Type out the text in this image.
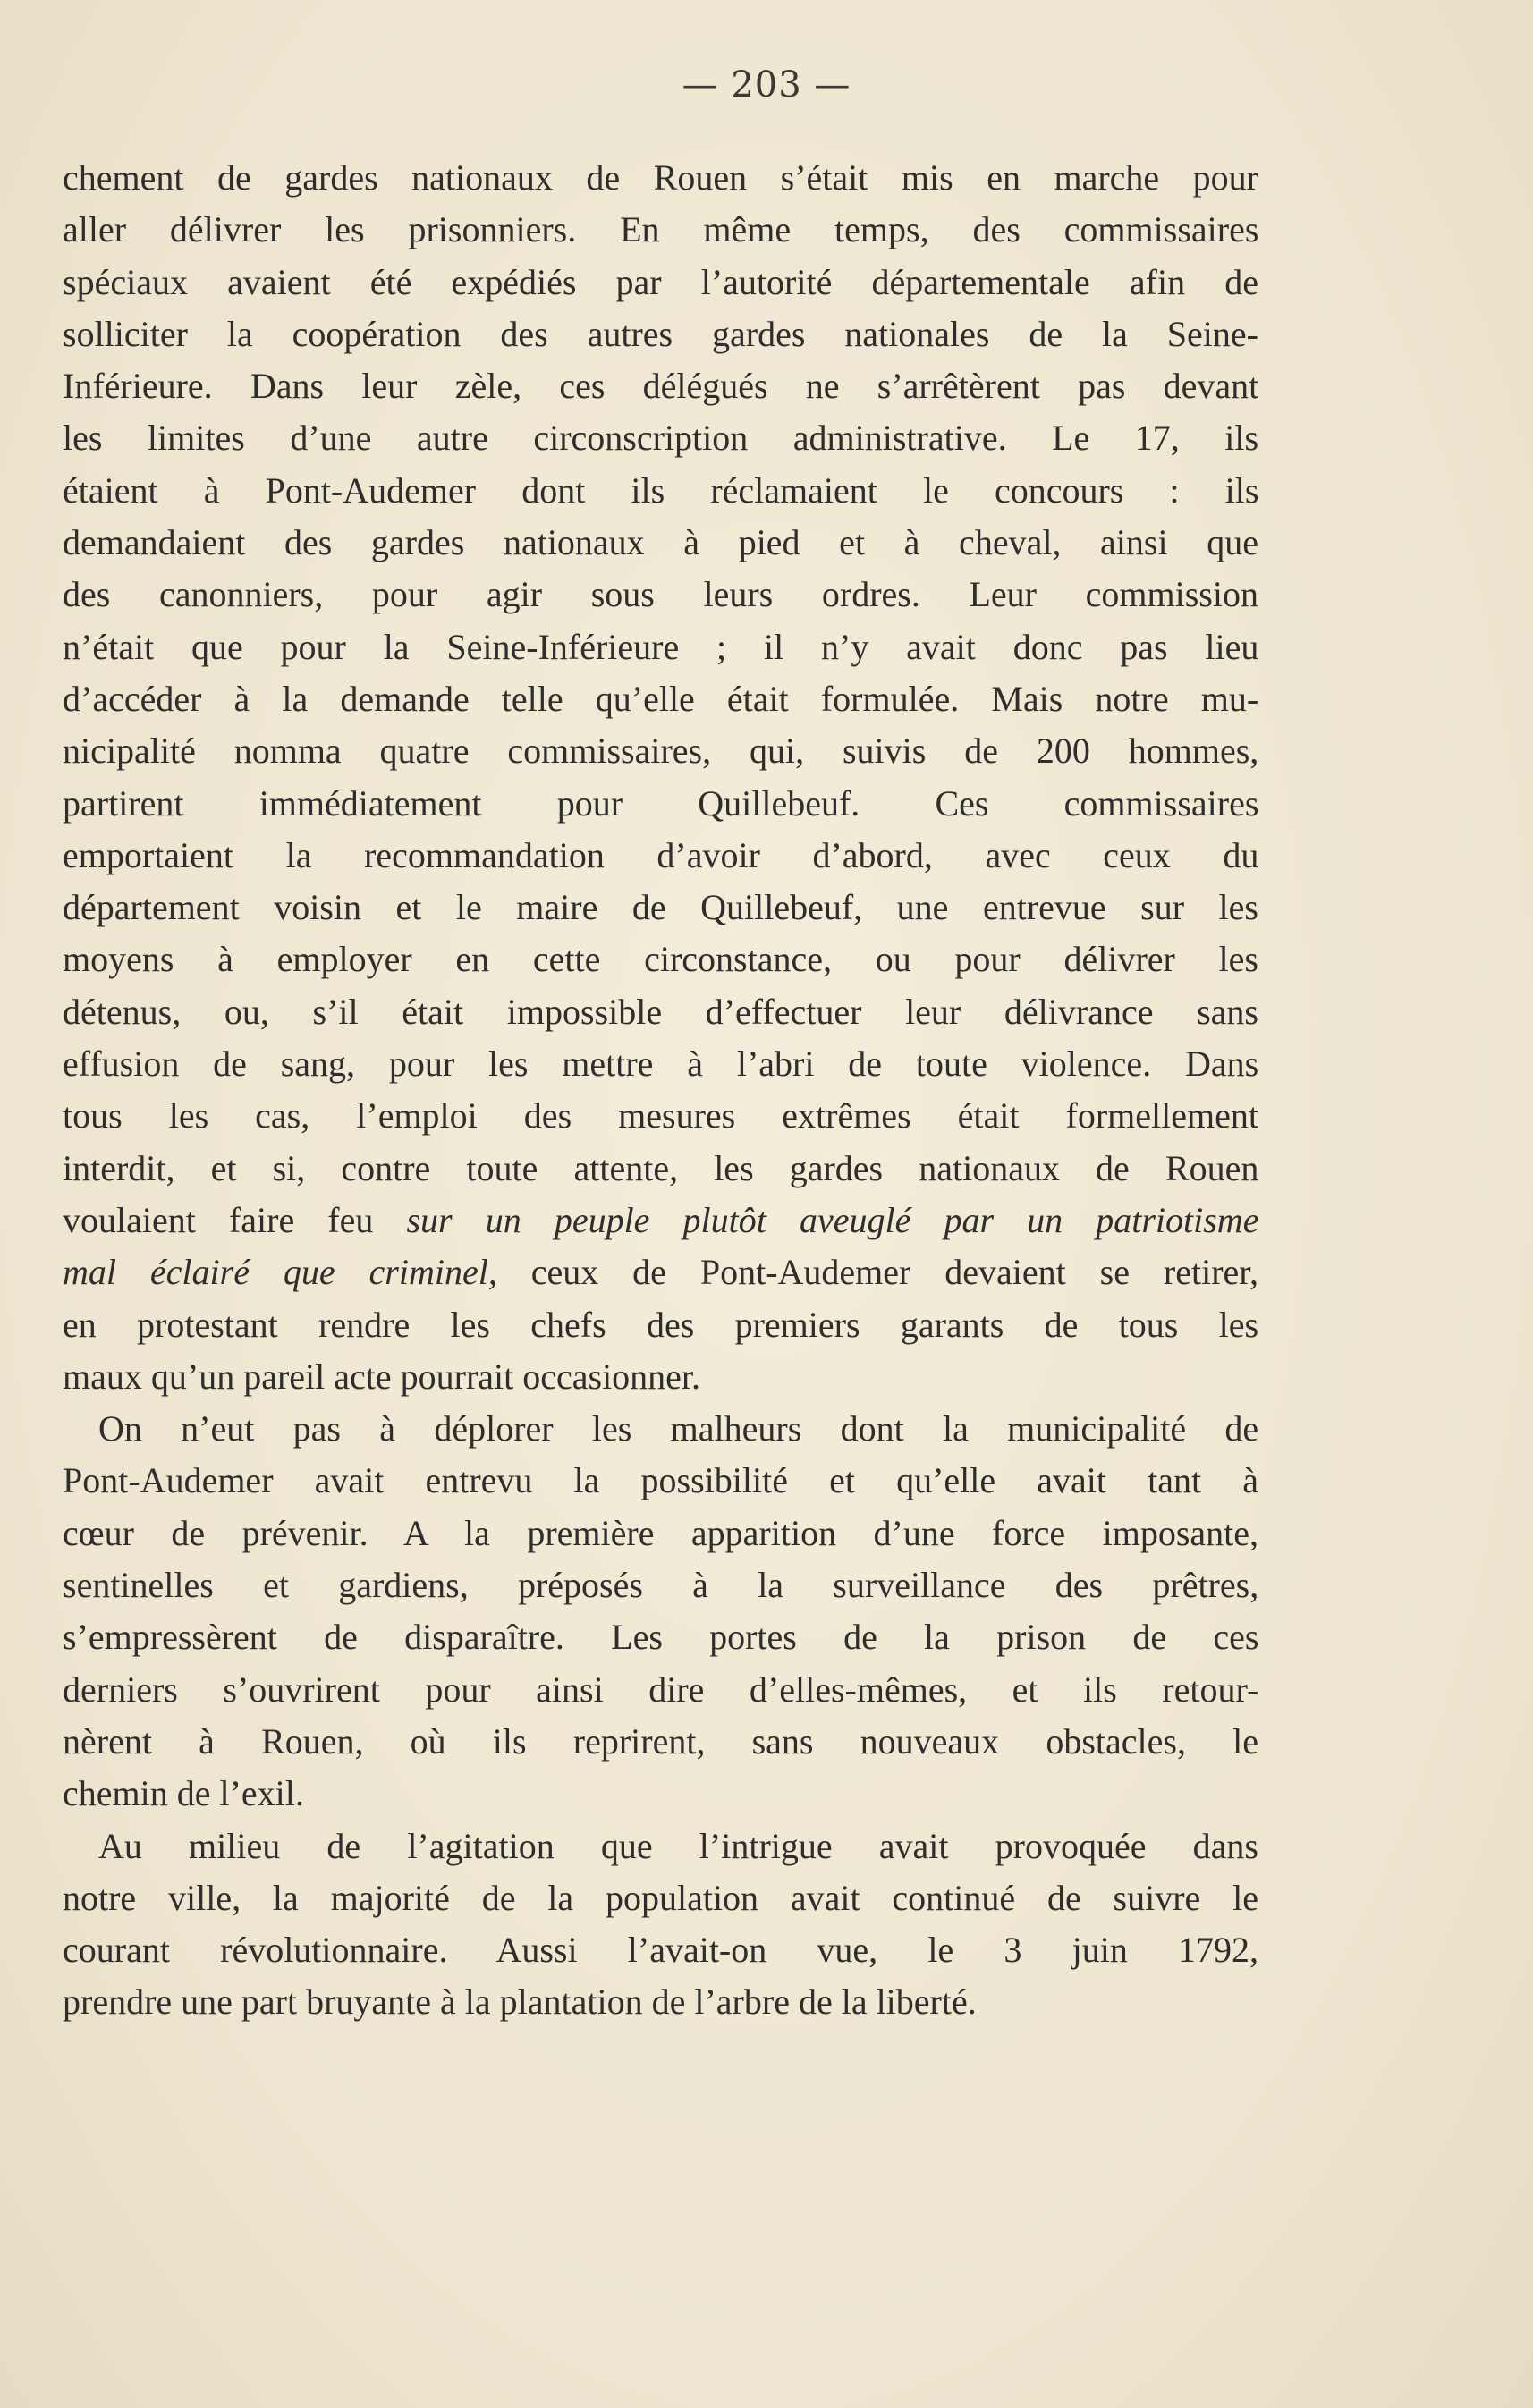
— 203 —
chement de gardes nationaux de Rouen s’était mis en marche pour
aller délivrer les prisonniers. En même temps, des commissaires
spéciaux avaient été expédiés par l’autorité départementale afin de
solliciter la coopération des autres gardes nationales de la Seine-
Inférieure. Dans leur zèle, ces délégués ne s’arrêtèrent pas devant
les limites d’une autre circonscription administrative. Le 17, ils
étaient à Pont-Audemer dont ils réclamaient le concours : ils
demandaient des gardes nationaux à pied et à cheval, ainsi que
des canonniers, pour agir sous leurs ordres. Leur commission
n’était que pour la Seine-Inférieure ; il n’y avait donc pas lieu
d’accéder à la demande telle qu’elle était formulée. Mais notre mu-
nicipalité nomma quatre commissaires, qui, suivis de 200 hommes,
partirent immédiatement pour Quillebeuf. Ces commissaires
emportaient la recommandation d’avoir d’abord, avec ceux du
département voisin et le maire de Quillebeuf, une entrevue sur les
moyens à employer en cette circonstance, ou pour délivrer les
détenus, ou, s’il était impossible d’effectuer leur délivrance sans
effusion de sang, pour les mettre à l’abri de toute violence. Dans
tous les cas, l’emploi des mesures extrêmes était formellement
interdit, et si, contre toute attente, les gardes nationaux de Rouen
voulaient faire feu sur un peuple plutôt aveuglé par un patriotisme
mal éclairé que criminel, ceux de Pont-Audemer devaient se retirer,
en protestant rendre les chefs des premiers garants de tous les
maux qu’un pareil acte pourrait occasionner.
On n’eut pas à déplorer les malheurs dont la municipalité de
Pont-Audemer avait entrevu la possibilité et qu’elle avait tant à
cœur de prévenir. A la première apparition d’une force imposante,
sentinelles et gardiens, préposés à la surveillance des prêtres,
s’empressèrent de disparaître. Les portes de la prison de ces
derniers s’ouvrirent pour ainsi dire d’elles-mêmes, et ils retour-
nèrent à Rouen, où ils reprirent, sans nouveaux obstacles, le
chemin de l’exil.
Au milieu de l’agitation que l’intrigue avait provoquée dans
notre ville, la majorité de la population avait continué de suivre le
courant révolutionnaire. Aussi l’avait-on vue, le 3 juin 1792,
prendre une part bruyante à la plantation de l’arbre de la liberté.
